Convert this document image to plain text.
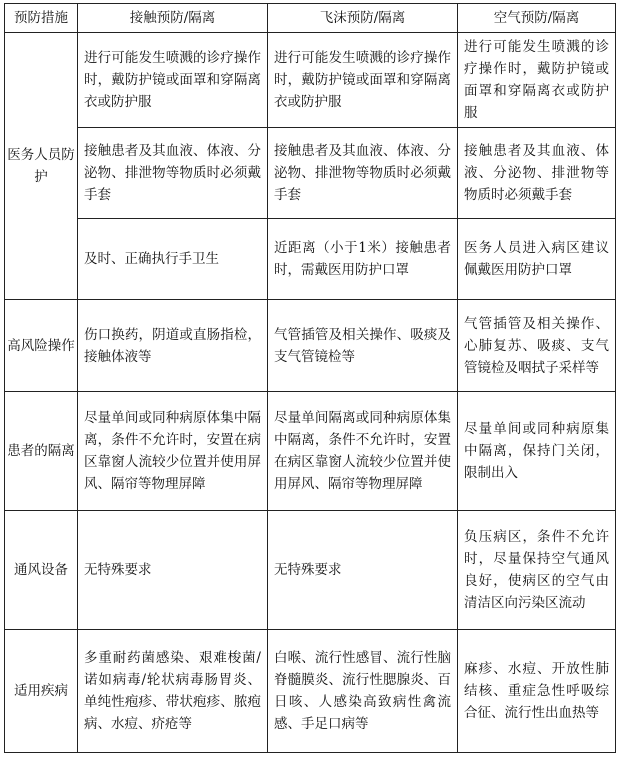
预防措施	接触预防/隔离	飞沫预防/隔离	空气预防/隔离
医务人员防护	进行可能发生喷溅的诊疗操作时，戴防护镜或面罩和穿隔离衣或防护服	进行可能发生喷溅的诊疗操作时，戴防护镜或面罩和穿隔离衣或防护服	进行可能发生喷溅的诊疗操作时，戴防护镜或面罩和穿隔离衣或防护服
	接触患者及其血液、体液、分泌物、排泄物等物质时必须戴手套	接触患者及其血液、体液、分泌物、排泄物等物质时必须戴手套	接触患者及其血液、体液、分泌物、排泄物等物质时必须戴手套
	及时、正确执行手卫生	近距离（小于1米）接触患者时，需戴医用防护口罩	医务人员进入病区建议佩戴医用防护口罩
高风险操作	伤口换药，阴道或直肠指检，接触体液等	气管插管及相关操作、吸痰及支气管镜检等	气管插管及相关操作、心肺复苏、吸痰、支气管镜检及咽拭子采样等
患者的隔离	尽量单间或同种病原体集中隔离，条件不允许时，安置在病区靠窗人流较少位置并使用屏风、隔帘等物理屏障	尽量单间隔离或同种病原体集中隔离，条件不允许时，安置在病区靠窗人流较少位置并使用屏风、隔帘等物理屏障	尽量单间或同种病原集中隔离，保持门关闭，限制出入
通风设备	无特殊要求	无特殊要求	负压病区，条件不允许时，尽量保持空气通风良好，使病区的空气由清洁区向污染区流动
适用疾病	多重耐药菌感染、艰难梭菌/诺如病毒/轮状病毒肠胃炎、单纯性疱疹、带状疱疹、脓疱病、水痘、疥疮等	白喉、流行性感冒、流行性脑脊髓膜炎、流行性腮腺炎、百日咳、人感染高致病性禽流感、手足口病等	麻疹、水痘、开放性肺结核、重症急性呼吸综合征、流行性出血热等
